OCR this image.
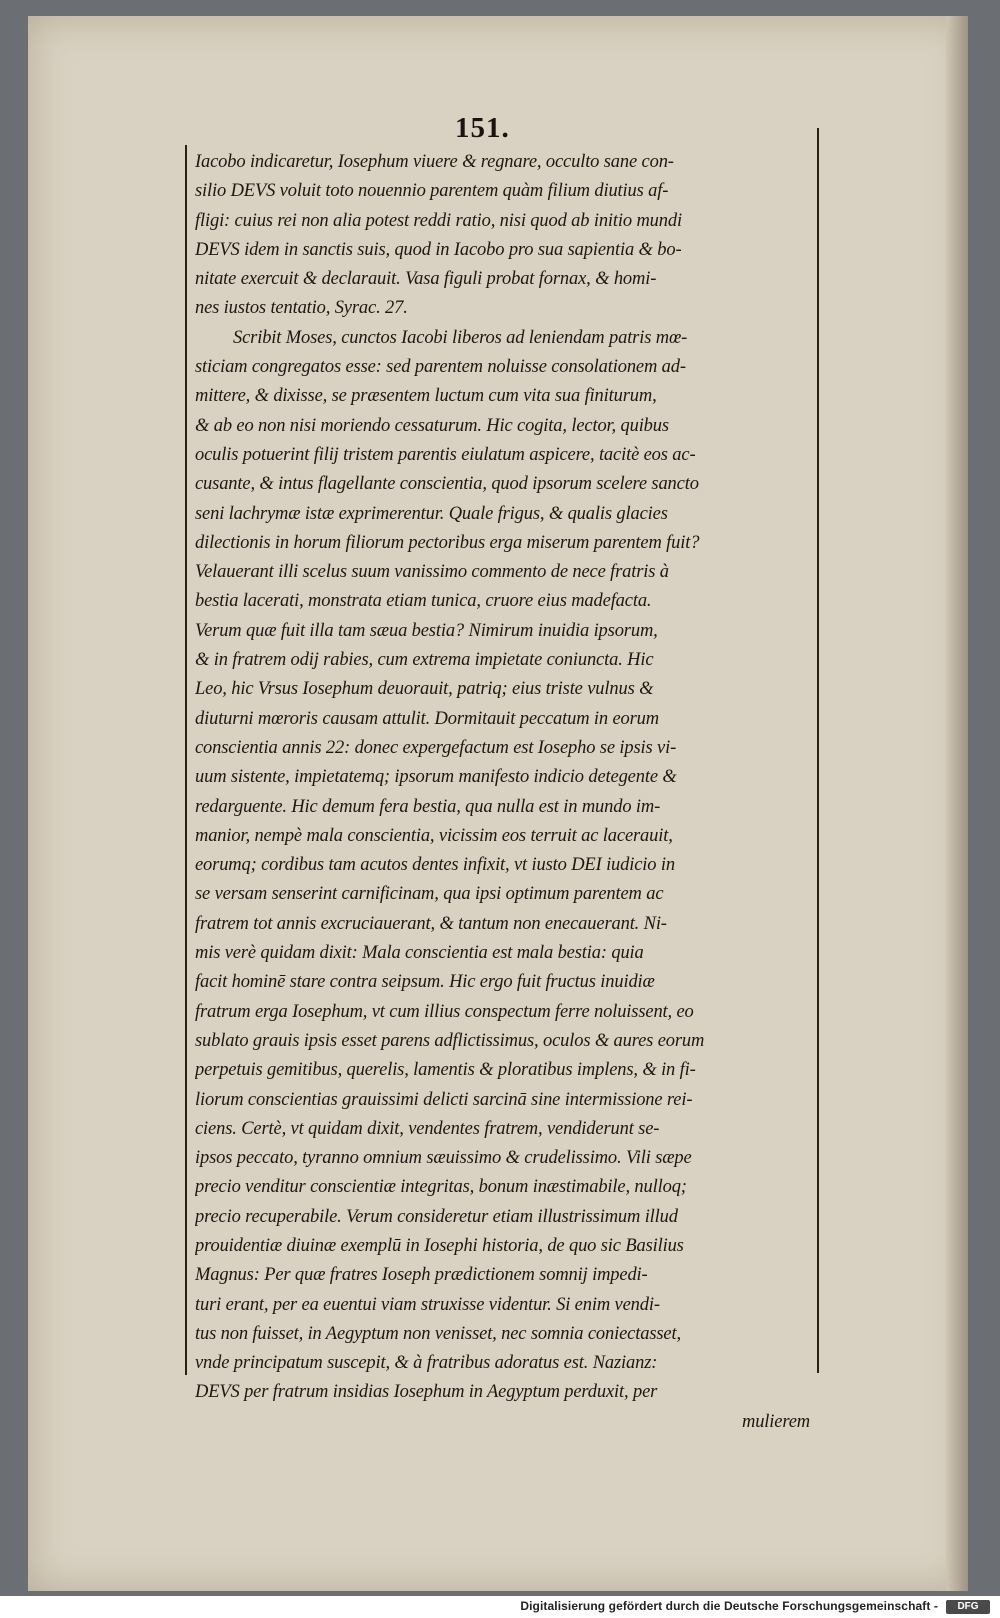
151.

Iacobo indicaretur, Iosephum viuere & regnare, occulto sane con-
silio DEVS voluit toto nouennio parentem quàm filium diutius af-
fligi: cuius rei non alia potest reddi ratio, nisi quod ab initio mundi
DEVS idem in sanctis suis, quod in Iacobo pro sua sapientia & bo-
nitate exercuit & declarauit. Vasa figuli probat fornax, & homi-
nes iustos tentatio, Syrac. 27.
Scribit Moses, cunctos Iacobi liberos ad leniendam patris mœ-
sticiam congregatos esse: sed parentem noluisse consolationem ad-
mittere, & dixisse, se præsentem luctum cum vita sua finiturum,
& ab eo non nisi moriendo cessaturum. Hic cogita, lector, quibus
oculis potuerint filij tristem parentis eiulatum aspicere, tacitè eos ac-
cusante, & intus flagellante conscientia, quod ipsorum scelere sancto
seni lachrymæ istæ exprimerentur. Quale frigus, & qualis glacies
dilectionis in horum filiorum pectoribus erga miserum parentem fuit?
Velauerant illi scelus suum vanissimo commento de nece fratris à
bestia lacerati, monstrata etiam tunica, cruore eius madefacta.
Verum quæ fuit illa tam sæua bestia? Nimirum inuidia ipsorum,
& in fratrem odij rabies, cum extrema impietate coniuncta. Hic
Leo, hic Vrsus Iosephum deuorauit, patriq; eius triste vulnus &
diuturni mœroris causam attulit. Dormitauit peccatum in eorum
conscientia annis 22: donec expergefactum est Iosepho se ipsis vi-
uum sistente, impietatemq; ipsorum manifesto indicio detegente &
redarguente. Hic demum fera bestia, qua nulla est in mundo im-
manior, nempè mala conscientia, vicissim eos terruit ac lacerauit,
eorumq; cordibus tam acutos dentes infixit, vt iusto DEI iudicio in
se versam senserint carnificinam, qua ipsi optimum parentem ac
fratrem tot annis excruciauerant, & tantum non enecauerant. Ni-
mis verè quidam dixit: Mala conscientia est mala bestia: quia
facit hominē stare contra seipsum. Hic ergo fuit fructus inuidiæ
fratrum erga Iosephum, vt cum illius conspectum ferre noluissent, eo
sublato grauis ipsis esset parens adflictissimus, oculos & aures eorum
perpetuis gemitibus, querelis, lamentis & ploratibus implens, & in fi-
liorum conscientias grauissimi delicti sarcinā sine intermissione rei-
ciens. Certè, vt quidam dixit, vendentes fratrem, vendiderunt se-
ipsos peccato, tyranno omnium sæuissimo & crudelissimo. Vili sæpe
precio venditur conscientiæ integritas, bonum inæstimabile, nulloq;
precio recuperabile. Verum consideretur etiam illustrissimum illud
prouidentiæ diuinæ exemplū in Iosephi historia, de quo sic Basilius
Magnus: Per quæ fratres Ioseph prædictionem somnij impedi-
turi erant, per ea euentui viam struxisse videntur. Si enim vendi-
tus non fuisset, in Aegyptum non venisset, nec somnia coniectasset,
vnde principatum suscepit, & à fratribus adoratus est. Nazianz:
DEVS per fratrum insidias Iosephum in Aegyptum perduxit, per
mulierem
Digitalisierung gefördert durch die Deutsche Forschungsgemeinschaft -	DFG
